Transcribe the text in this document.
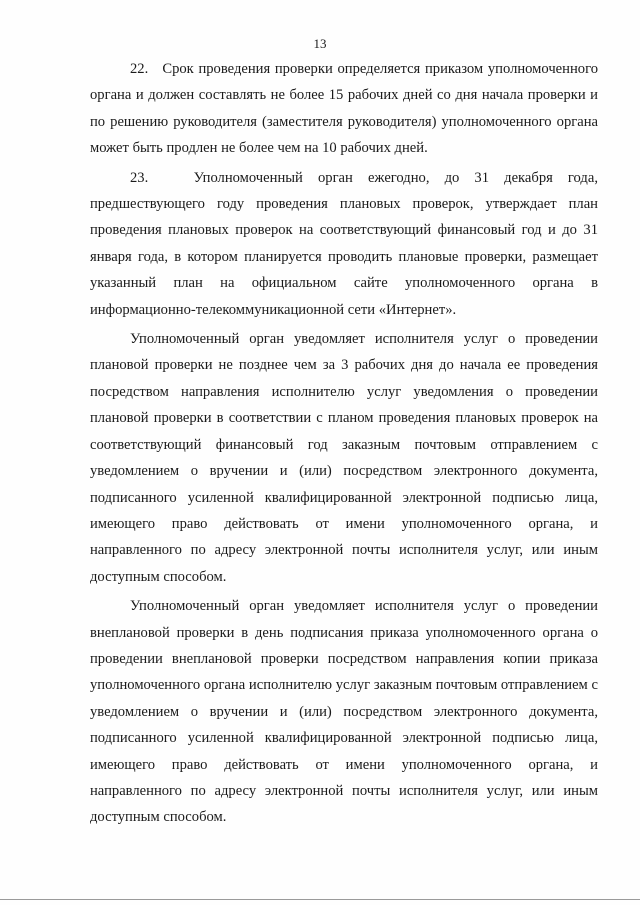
13

22.   Срок проведения проверки определяется приказом уполномоченного органа и должен составлять не более 15 рабочих дней со дня начала проверки и по решению руководителя (заместителя руководителя) уполномоченного органа может быть продлен не более чем на 10 рабочих дней.

23.   Уполномоченный орган ежегодно, до 31 декабря года, предшествующего году проведения плановых проверок, утверждает план проведения плановых проверок на соответствующий финансовый год и до 31 января года, в котором планируется проводить плановые проверки, размещает указанный план на официальном сайте уполномоченного органа в информационно-телекоммуникационной сети «Интернет».

Уполномоченный орган уведомляет исполнителя услуг о проведении плановой проверки не позднее чем за 3 рабочих дня до начала ее проведения посредством направления исполнителю услуг уведомления о проведении плановой проверки в соответствии с планом проведения плановых проверок на соответствующий финансовый год заказным почтовым отправлением с уведомлением о вручении и (или) посредством электронного документа, подписанного усиленной квалифицированной электронной подписью лица, имеющего право действовать от имени уполномоченного органа, и направленного по адресу электронной почты исполнителя услуг, или иным доступным способом.

Уполномоченный орган уведомляет исполнителя услуг о проведении внеплановой проверки в день подписания приказа уполномоченного органа о проведении внеплановой проверки посредством направления копии приказа уполномоченного органа исполнителю услуг заказным почтовым отправлением с уведомлением о вручении и (или) посредством электронного документа, подписанного усиленной квалифицированной электронной подписью лица, имеющего право действовать от имени уполномоченного органа, и направленного по адресу электронной почты исполнителя услуг, или иным доступным способом.
